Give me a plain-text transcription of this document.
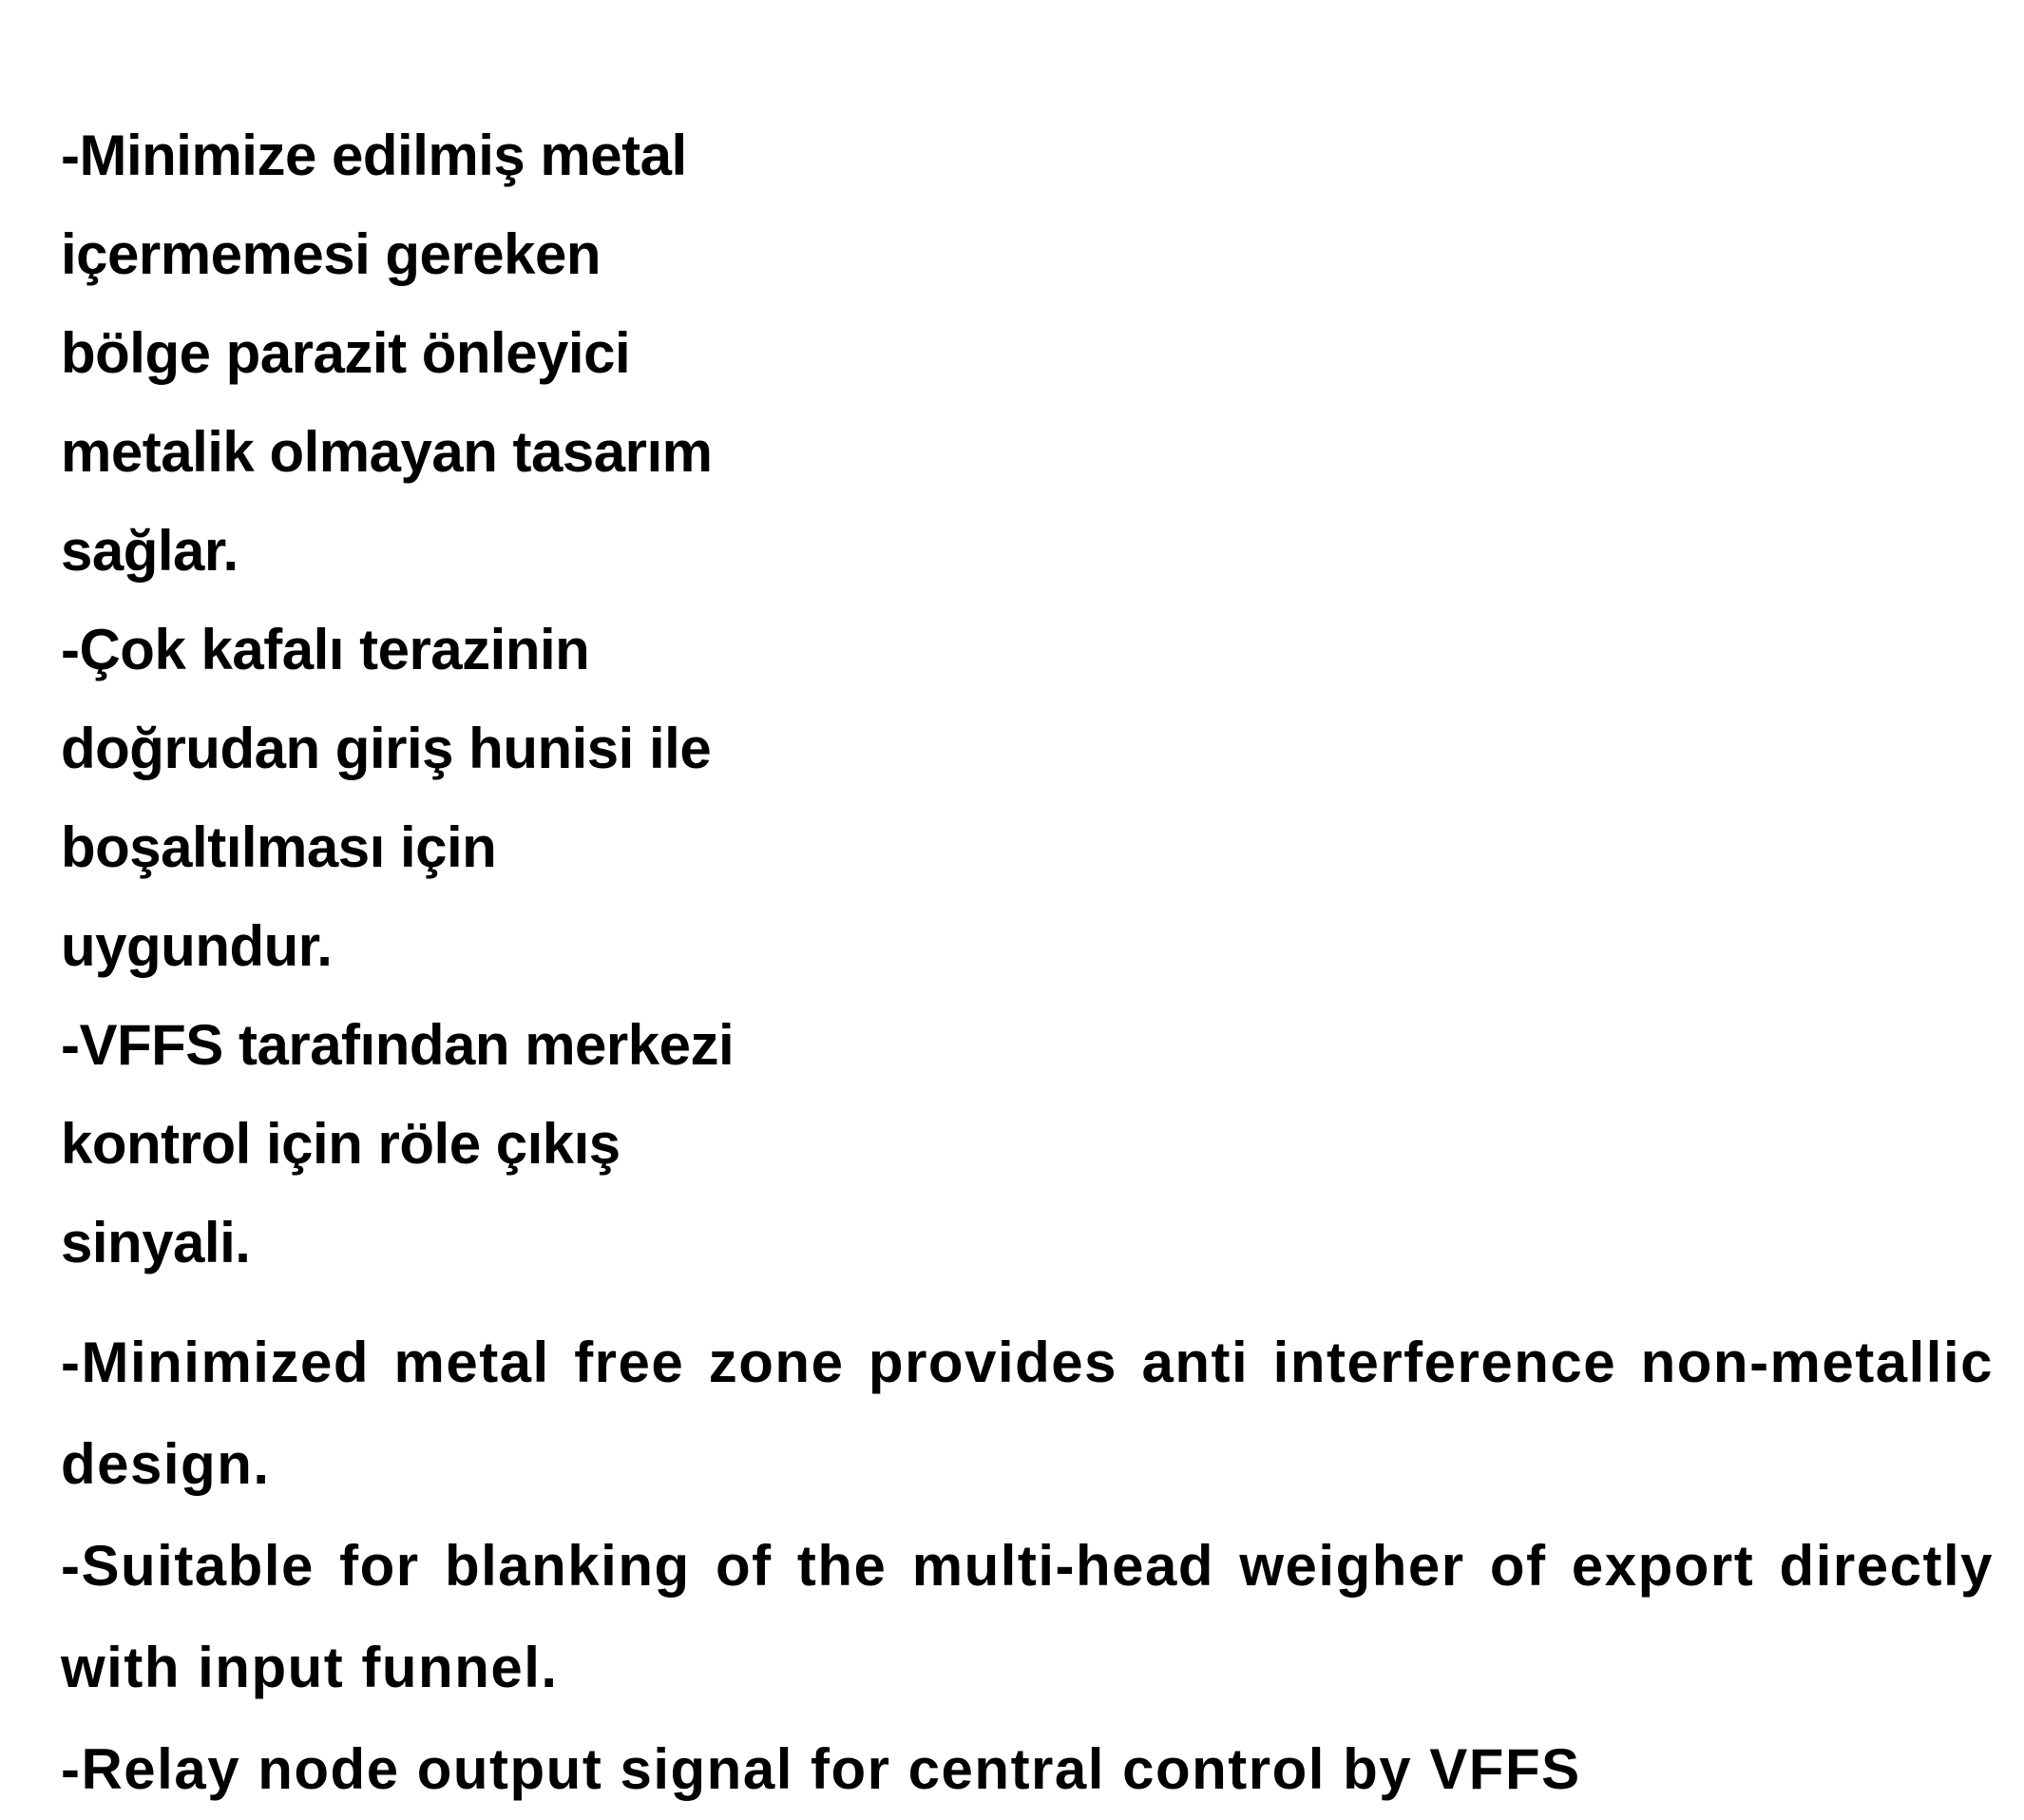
-Minimize edilmiş metal
içermemesi gereken
bölge parazit önleyici
metalik olmayan tasarım
sağlar.
-Çok kafalı terazinin
doğrudan giriş hunisi ile
boşaltılması için
uygundur.
-VFFS tarafından merkezi
kontrol için röle çıkış
sinyali.

-Minimized metal free zone provides anti interference non-metallic design.

-Suitable for blanking of the multi-head weigher of export directly with input funnel.

-Relay node output signal for central control by VFFS
